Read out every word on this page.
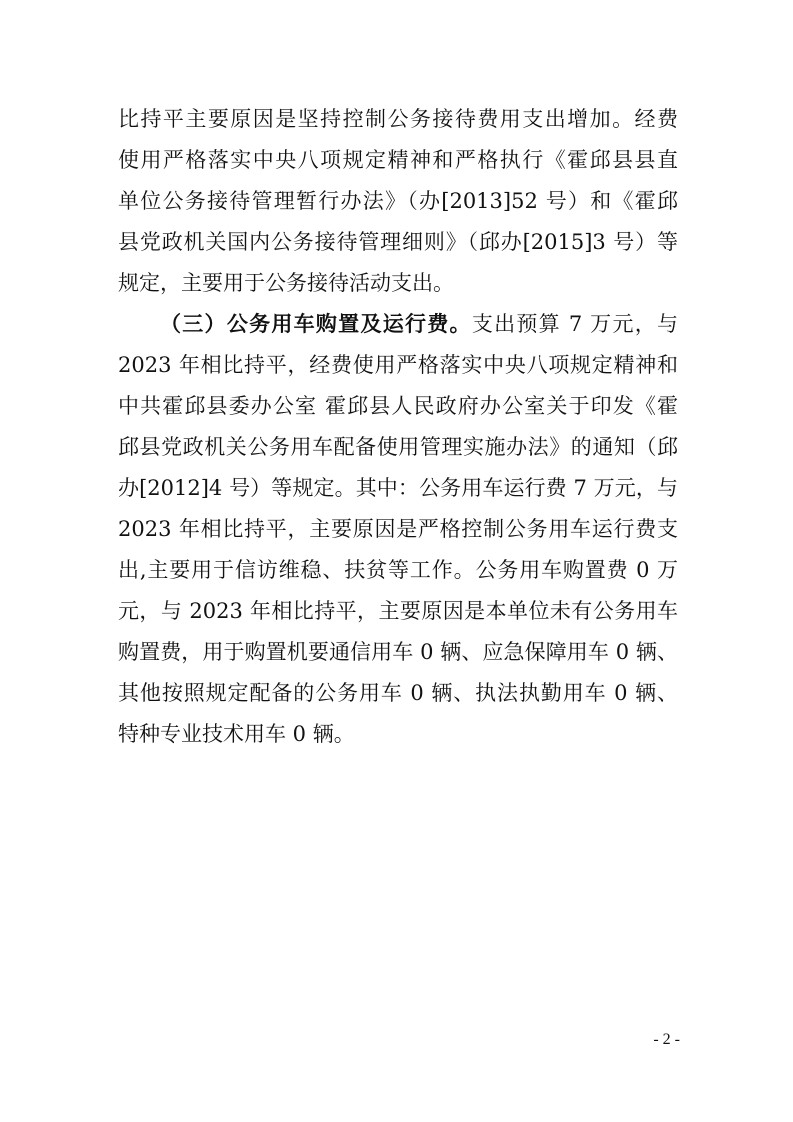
比持平主要原因是坚持控制公务接待费用支出增加。经费
使用严格落实中央八项规定精神和严格执行《霍邱县县直
单位公务接待管理暂行办法》（办[2013]52 号）和《霍邱
县党政机关国内公务接待管理细则》（邱办[2015]3 号）等
规定，主要用于公务接待活动支出。
（三）公务用车购置及运行费。支出预算 7 万元，与
2023 年相比持平，经费使用严格落实中央八项规定精神和
中共霍邱县委办公室 霍邱县人民政府办公室关于印发《霍
邱县党政机关公务用车配备使用管理实施办法》的通知（邱
办[2012]4 号）等规定。其中：公务用车运行费 7 万元，与
2023 年相比持平，主要原因是严格控制公务用车运行费支
出,主要用于信访维稳、扶贫等工作。公务用车购置费 0 万
元，与 2023 年相比持平，主要原因是本单位未有公务用车
购置费，用于购置机要通信用车 0 辆、应急保障用车 0 辆、
其他按照规定配备的公务用车 0 辆、执法执勤用车 0 辆、
特种专业技术用车 0 辆。
- 2 -
